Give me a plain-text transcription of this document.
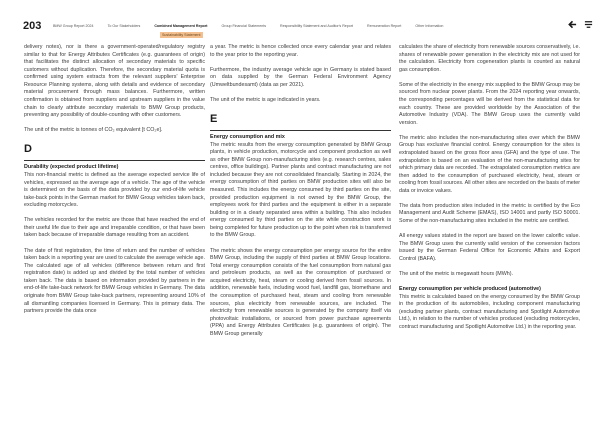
203	BMW Group Report 2024	To Our Stakeholders	Combined Management Report	Group Financial Statements	Responsibility Statement and Auditor's Report	Remuneration Report	Other Information
Sustainability Statement

delivery notes), nor is there a government-operated/regulatory registry similar to that for Energy Attributes Certificates (e.g. guarantees of origin) that facilitates the distinct allocation of secondary materials to specific customers without duplication. Therefore, the secondary material quota is confirmed using system extracts from the relevant suppliers' Enterprise Resource Planning systems, along with details and evidence of secondary material procurement through mass balances. Furthermore, written confirmation is obtained from suppliers and upstream suppliers in the value chain to clearly attribute secondary materials to BMW Group products, preventing any possibility of double-counting with other customers.

The unit of the metric is tonnes of CO₂ equivalent [t CO₂e].

D
Durability (expected product lifetime)

This non-financial metric is defined as the average expected service life of vehicles, expressed as the average age of a vehicle. The age of the vehicle is determined on the basis of the data provided by our end-of-life vehicle take-back points in the German market for BMW Group vehicles taken back, excluding motorcycles.

The vehicles recorded for the metric are those that have reached the end of their useful life due to their age and irreparable condition, or that have been taken back because of irreparable damage resulting from an accident.

The date of first registration, the time of return and the number of vehicles taken back in a reporting year are used to calculate the average vehicle age. The calculated age of all vehicles (difference between return and first registration date) is added up and divided by the total number of vehicles taken back. The data is based on information provided by partners in the end-of-life take-back network for BMW Group vehicles in Germany. The data originate from BMW Group take-back partners, representing around 10% of all dismantling companies licensed in Germany. This is primary data. The partners provide the data once

a year. The metric is hence collected once every calendar year and relates to the year prior to the reporting year.

Furthermore, the industry average vehicle age in Germany is stated based on data supplied by the German Federal Environment Agency (Umweltbundesamt) (data as per 2021).

The unit of the metric is age indicated in years.

E
Energy consumption and mix

The metric results from the energy consumption generated by BMW Group plants, in vehicle production, motorcycle and component production as well as other BMW Group non-manufacturing sites (e.g. research centres, sales centres, office buildings). Partner plants and contract manufacturing are not included because they are not consolidated financially. Starting in 2024, the energy consumption of third parties on BMW production sites will also be measured. This includes the energy consumed by third parties on the site, provided production equipment is not owned by the BMW Group, the employees work for third parties and the equipment is either in a separate building or in a clearly separated area within a building. This also includes energy consumed by third parties on the site while construction work is being completed for future production up to the point when risk is transferred to the BMW Group.

The metric shows the energy consumption per energy source for the entire BMW Group, including the supply of third parties at BMW Group locations. Total energy consumption consists of the fuel consumption from natural gas and petroleum products, as well as the consumption of purchased or acquired electricity, heat, steam or cooling derived from fossil sources. In addition, renewable fuels, including wood fuel, landfill gas, biomethane and the consumption of purchased heat, steam and cooling from renewable sources, plus electricity from renewable sources, are included. The electricity from renewable sources is generated by the company itself via photovoltaic installations, or sourced from power purchase agreements (PPA) and Energy Attributes Certificates (e.g. guarantees of origin). The BMW Group generally

calculates the share of electricity from renewable sources conservatively, i.e. shares of renewable power generation in the electricity mix are not used for the calculation. Electricity from cogeneration plants is counted as natural gas consumption.

Some of the electricity in the energy mix supplied to the BMW Group may be sourced from nuclear power plants. From the 2024 reporting year onwards, the corresponding percentages will be derived from the statistical data for each country. These are provided worldwide by the Association of the Automotive Industry (VDA). The BMW Group uses the currently valid version.

The metric also includes the non-manufacturing sites over which the BMW Group has exclusive financial control. Energy consumption for the sites is extrapolated based on the gross floor area (GFA) and the type of use. The extrapolation is based on an evaluation of the non-manufacturing sites for which primary data are recorded. The extrapolated consumption metrics are then added to the consumption of purchased electricity, heat, steam or cooling from fossil sources. All other sites are recorded on the basis of meter data or invoice values.

The data from production sites included in the metric is certified by the Eco Management and Audit Scheme (EMAS), ISO 14001 and partly ISO 50001. Some of the non-manufacturing sites included in the metric are certified.

All energy values stated in the report are based on the lower calorific value. The BMW Group uses the currently valid version of the conversion factors issued by the German Federal Office for Economic Affairs and Export Control (BAFA).

The unit of the metric is megawatt hours (MWh).

Energy consumption per vehicle produced (automotive)

This metric is calculated based on the energy consumed by the BMW Group in the production of its automobiles, including component manufacturing (excluding partner plants, contract manufacturing and Spotlight Automotive Ltd.), in relation to the number of vehicles produced (excluding motorcycles, contract manufacturing and Spotlight Automotive Ltd.) in the reporting year.
